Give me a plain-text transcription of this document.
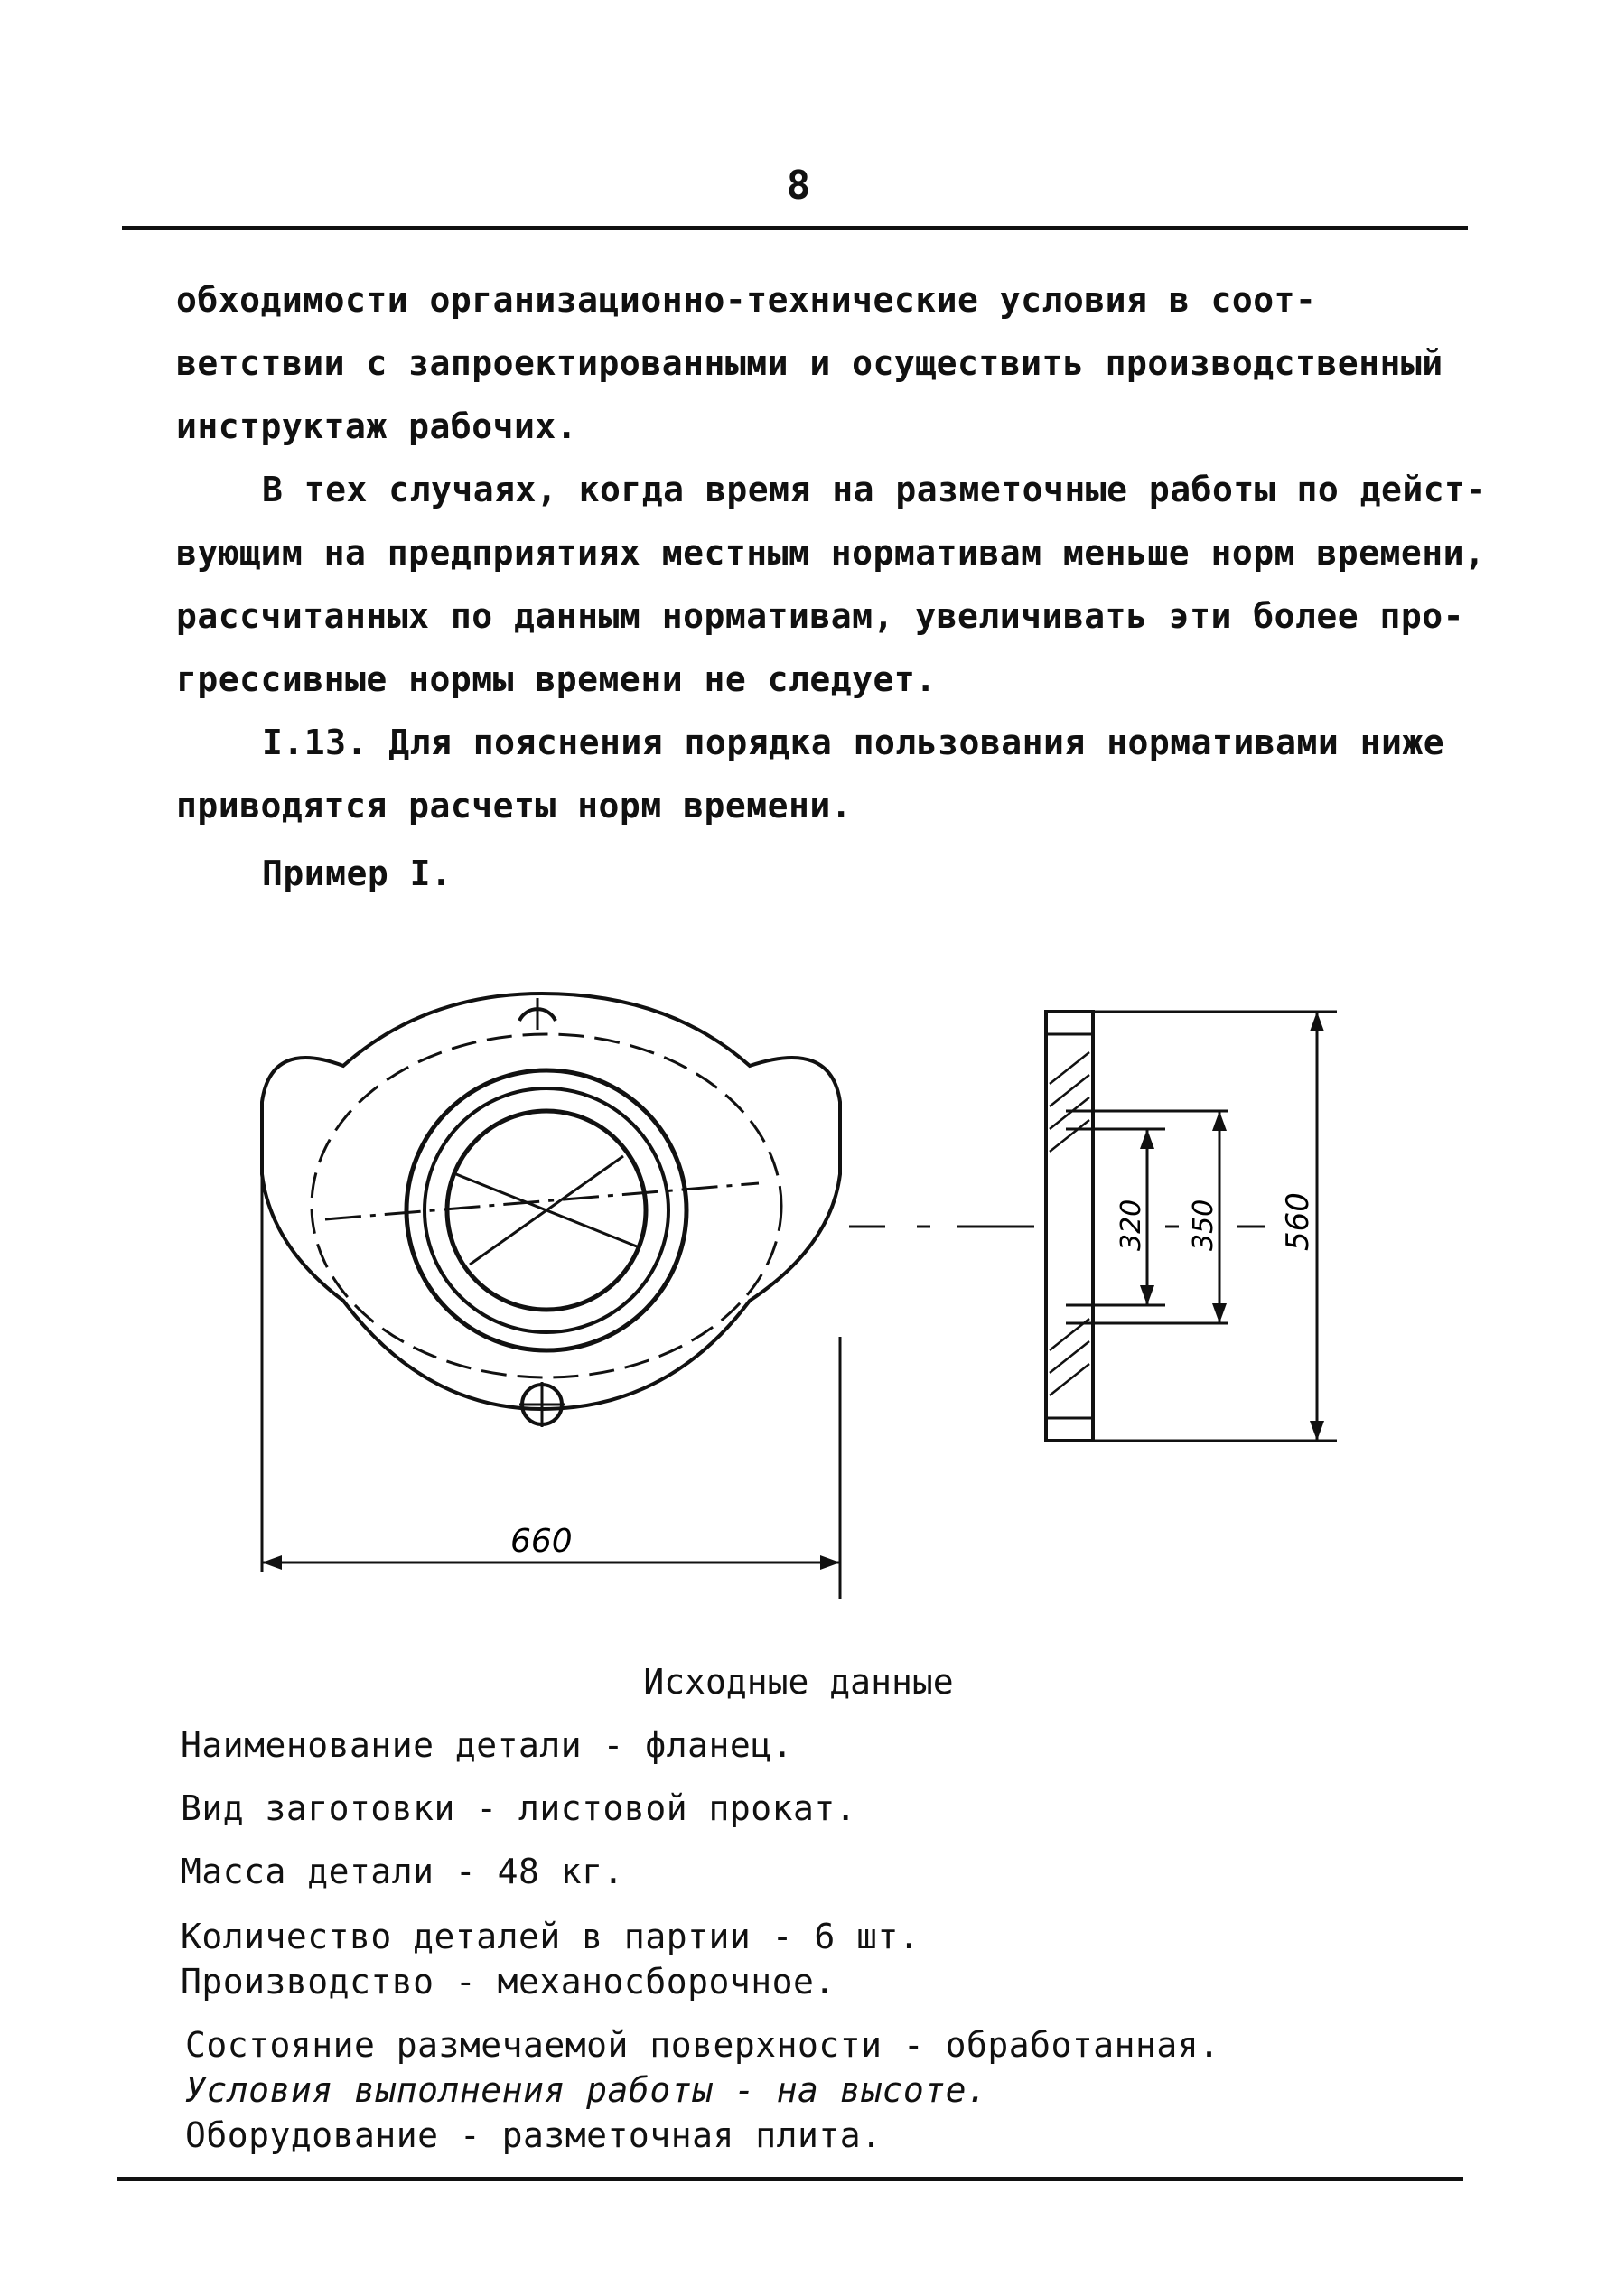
8
обходимости организационно-технические условия в соот-
ветствии с запроектированными и осуществить производственный
инструктаж рабочих.
В тех случаях, когда время на разметочные работы по дейст-
вующим на предприятиях местным нормативам меньше норм времени,
рассчитанных по данным нормативам, увеличивать эти более про-
грессивные нормы времени не следует.
I.13. Для пояснения порядка пользования нормативами ниже
приводятся расчеты норм времени.
Пример I.
660
320 350 560
Исходные данные
Наименование детали - фланец.
Вид заготовки - листовой прокат.
Масса детали - 48 кг.
Количество деталей в партии - 6 шт.
Производство - механосборочное.
Состояние размечаемой поверхности - обработанная.
Условия выполнения работы - на высоте.
Оборудование - разметочная плита.
